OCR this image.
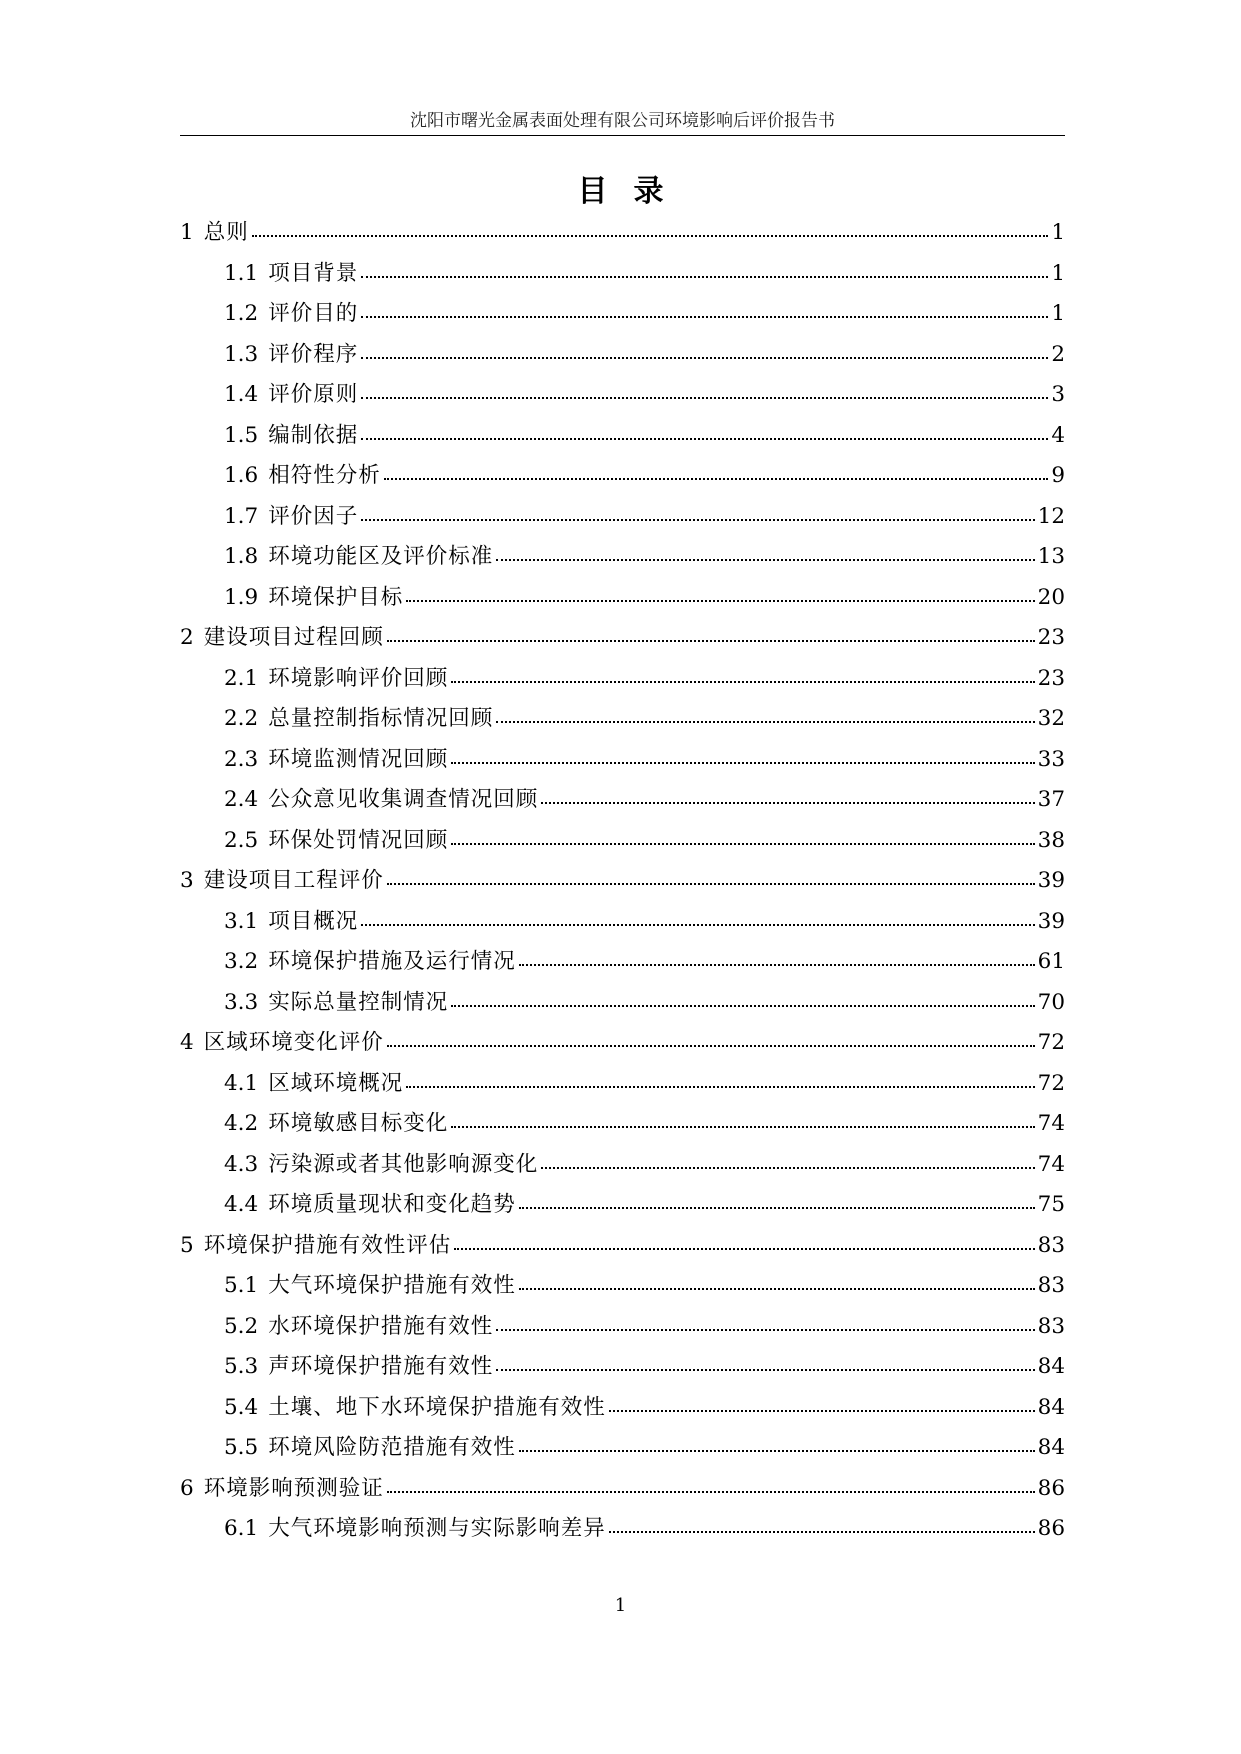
沈阳市曙光金属表面处理有限公司环境影响后评价报告书
目录
1 总则	1
1.1 项目背景	1
1.2 评价目的	1
1.3 评价程序	2
1.4 评价原则	3
1.5 编制依据	4
1.6 相符性分析	9
1.7 评价因子	12
1.8 环境功能区及评价标准	13
1.9 环境保护目标	20
2 建设项目过程回顾	23
2.1 环境影响评价回顾	23
2.2 总量控制指标情况回顾	32
2.3 环境监测情况回顾	33
2.4 公众意见收集调查情况回顾	37
2.5 环保处罚情况回顾	38
3 建设项目工程评价	39
3.1 项目概况	39
3.2 环境保护措施及运行情况	61
3.3 实际总量控制情况	70
4 区域环境变化评价	72
4.1 区域环境概况	72
4.2 环境敏感目标变化	74
4.3 污染源或者其他影响源变化	74
4.4 环境质量现状和变化趋势	75
5 环境保护措施有效性评估	83
5.1 大气环境保护措施有效性	83
5.2 水环境保护措施有效性	83
5.3 声环境保护措施有效性	84
5.4 土壤、地下水环境保护措施有效性	84
5.5 环境风险防范措施有效性	84
6 环境影响预测验证	86
6.1 大气环境影响预测与实际影响差异	86
1
